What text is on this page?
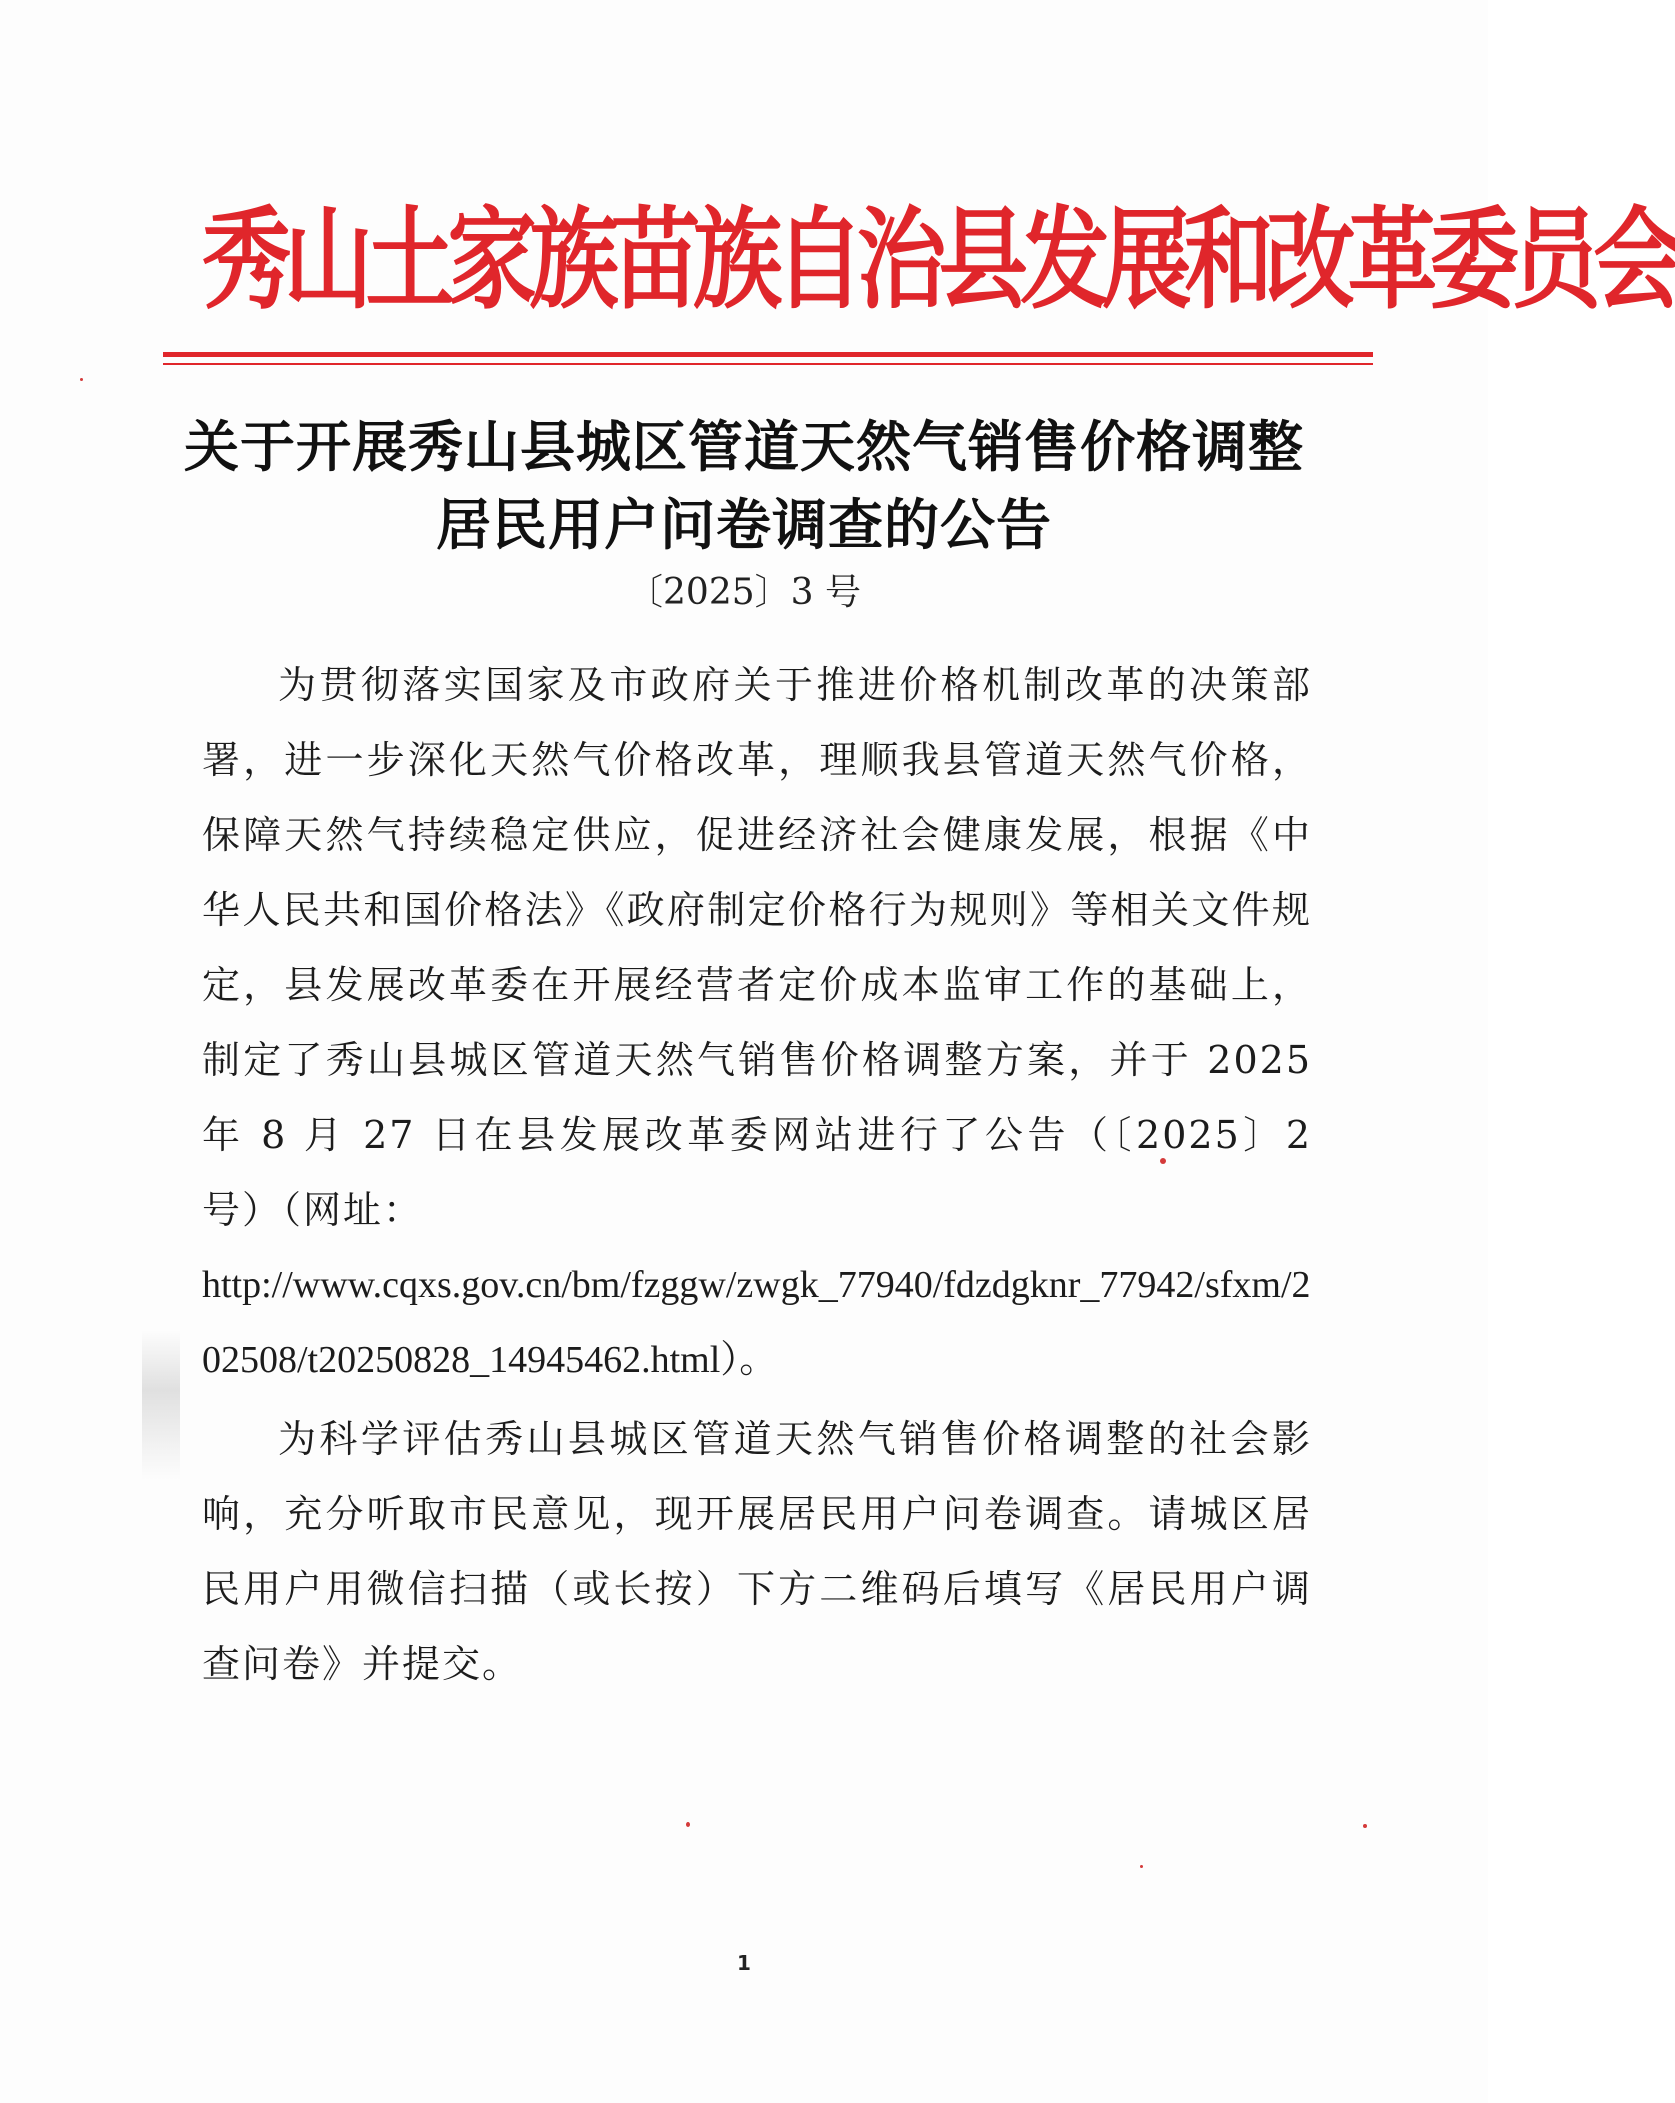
秀山土家族苗族自治县发展和改革委员会
关于开展秀山县城区管道天然气销售价格调整
居民用户问卷调查的公告
〔2025〕3 号

为贯彻落实国家及市政府关于推进价格机制改革的决策部署，进一步深化天然气价格改革，理顺我县管道天然气价格，保障天然气持续稳定供应，促进经济社会健康发展，根据《中华人民共和国价格法》《政府制定价格行为规则》等相关文件规定，县发展改革委在开展经营者定价成本监审工作的基础上，制定了秀山县城区管道天然气销售价格调整方案，并于 2025 年 8 月 27 日在县发展改革委网站进行了公告（〔2025〕2 号）（网址：
http://www.cqxs.gov.cn/bm/fzggw/zwgk_77940/fdzdgknr_77942/sfxm/202508/t20250828_14945462.html）。

为科学评估秀山县城区管道天然气销售价格调整的社会影响，充分听取市民意见，现开展居民用户问卷调查。请城区居民用户用微信扫描（或长按）下方二维码后填写《居民用户调查问卷》并提交。

1
